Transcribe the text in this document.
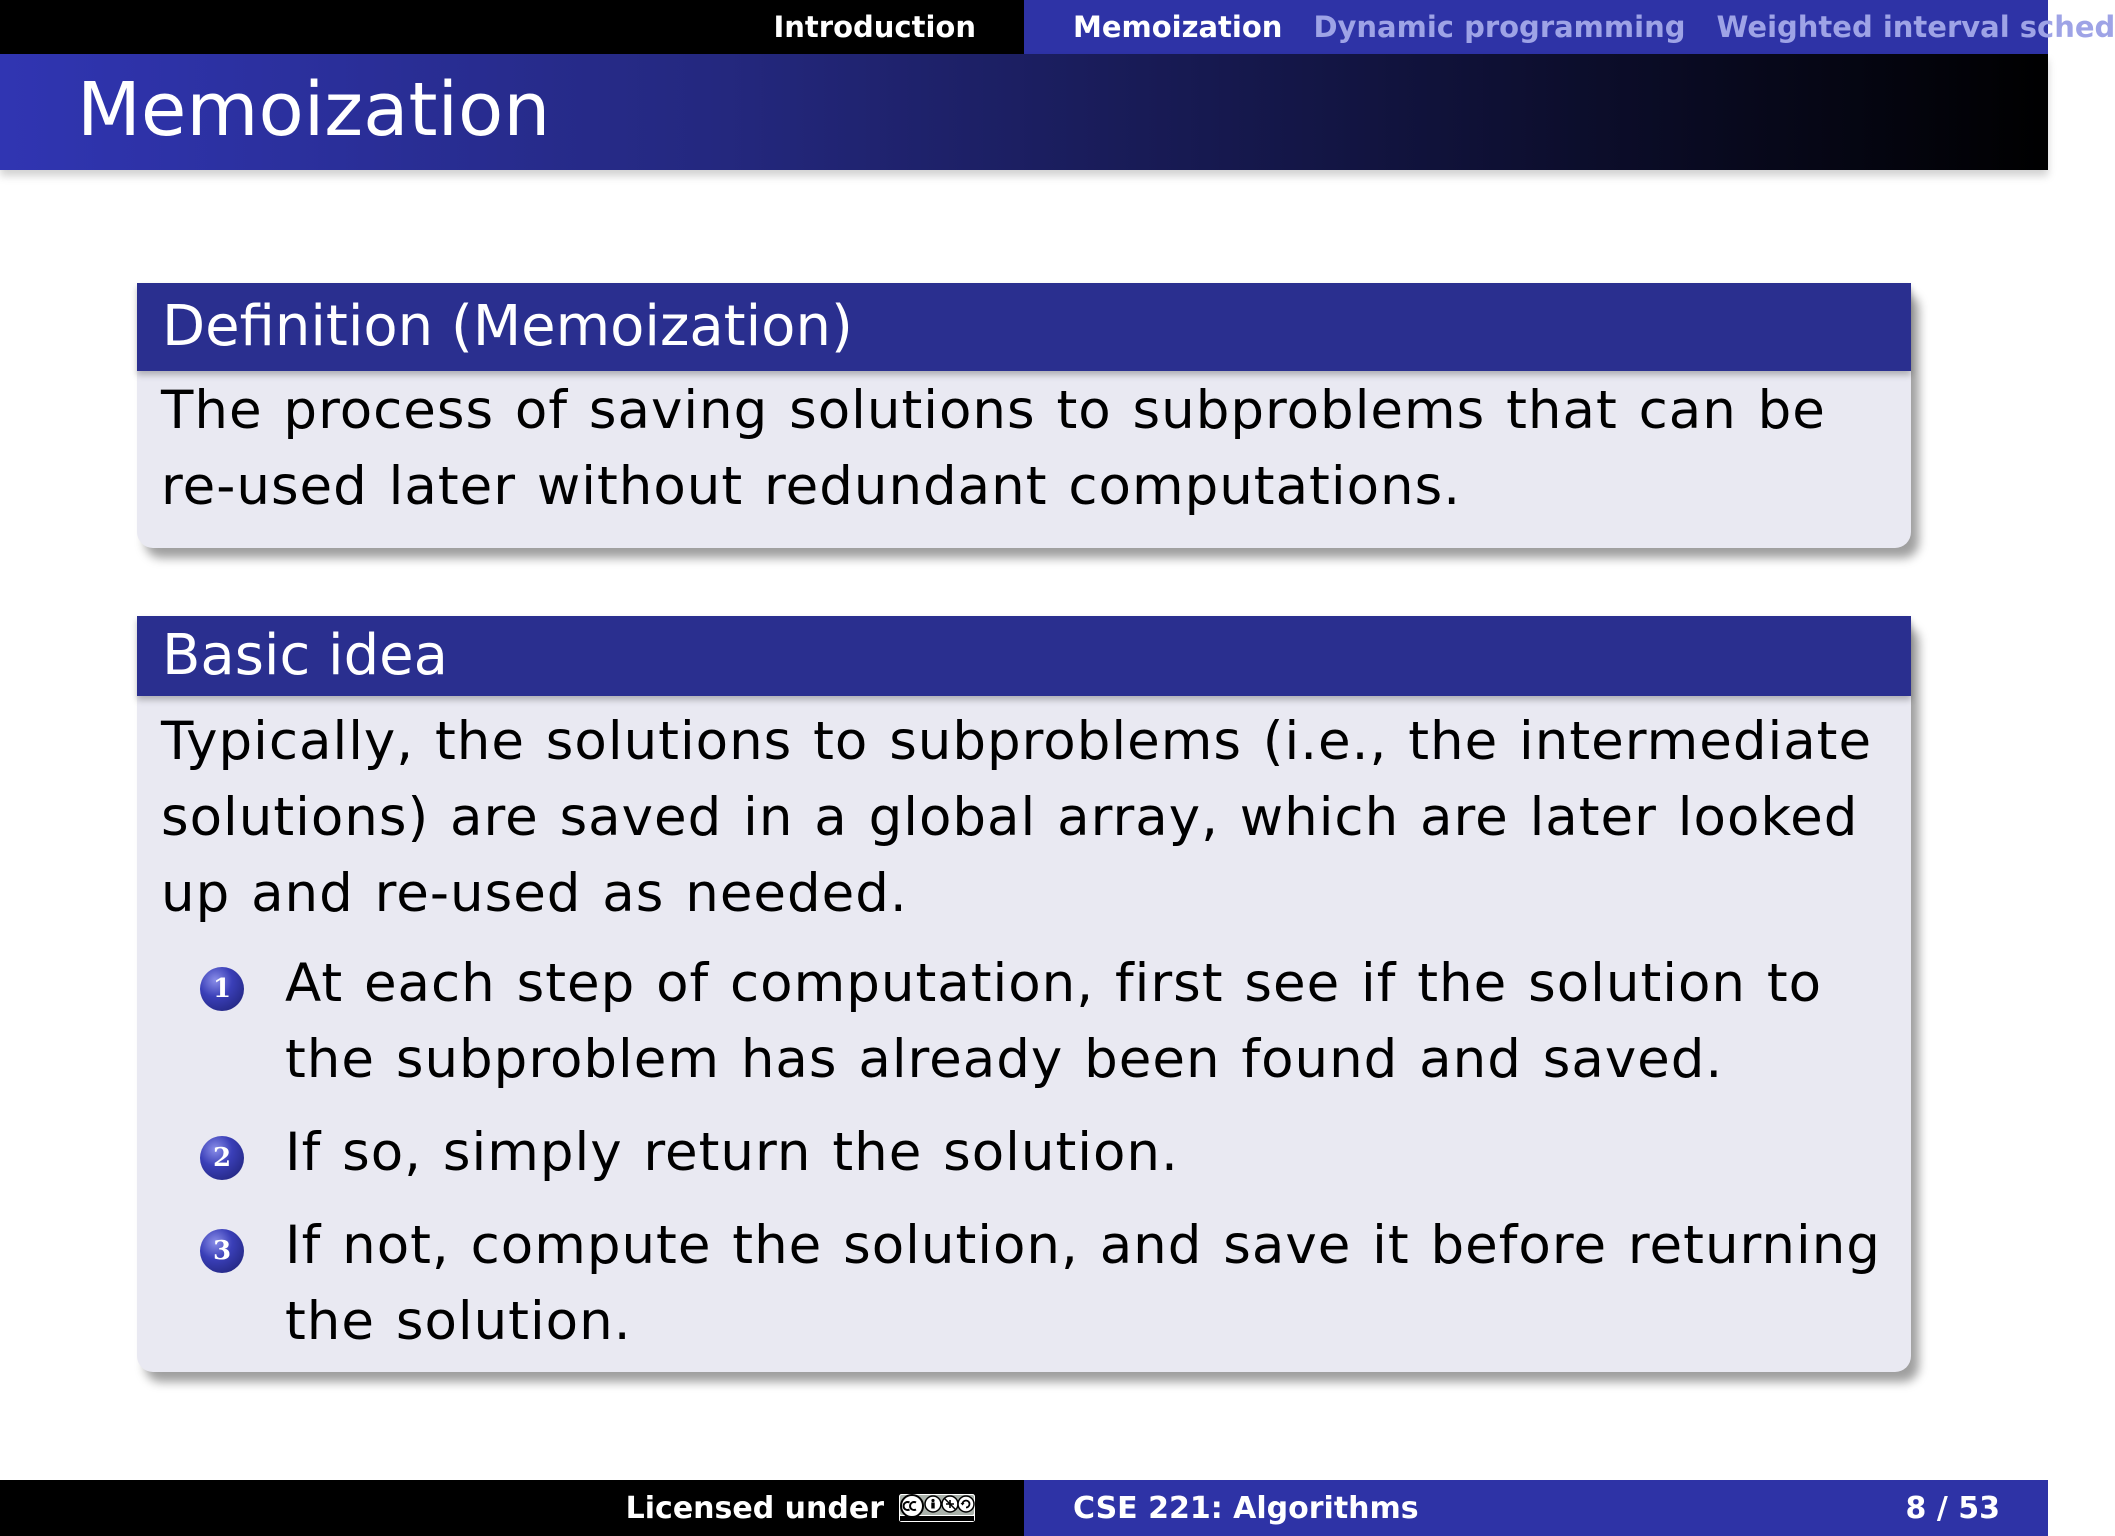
Introduction	Memoization Dynamic programming Weighted interval sched
Memoization
Definition (Memoization)
The process of saving solutions to subproblems that can be re-used later without redundant computations.
Basic idea
Typically, the solutions to subproblems (i.e., the intermediate solutions) are saved in a global array, which are later looked up and re-used as needed.
1 At each step of computation, first see if the solution to the subproblem has already been found and saved.
2 If so, simply return the solution.
3 If not, compute the solution, and save it before returning the solution.
Licensed under	CSE 221: Algorithms	8 / 53
